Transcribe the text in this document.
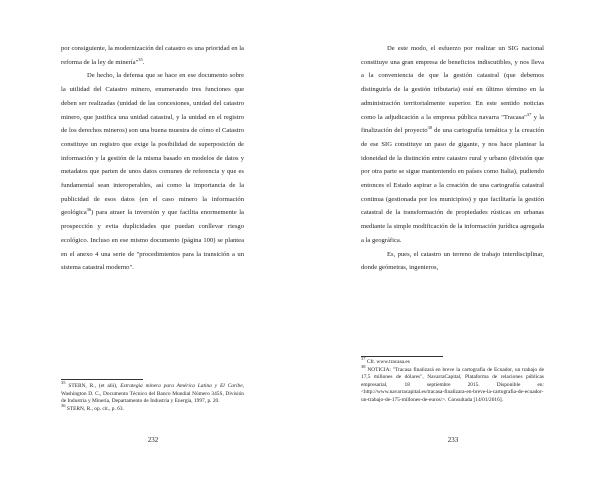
por consiguiente, la modernización del catastro es una prioridad en la reforma de la ley de minería"$^{35}$.

De hecho, la defensa que se hace en ese documento sobre la utilidad del Catastro minero, enumerando tres funciones que deben ser realizadas (unidad de las concesiones, unidad del catastro minero, que justifica una unidad catastral, y la unidad en el registro de los derechos mineros) son una buena muestra de cómo el Catastro constituye un registro que exige la posibilidad de superposición de información y la gestión de la misma basado en modelos de datos y metadatos que parten de unos datos comunes de referencia y que es fundamental sean interoperables, así como la importancia de la publicidad de esos datos (en el caso minero la información geológica$^{36}$) para atraer la inversión y que facilita enormemente la prospección y evita duplicidades que puedan conllevar riesgo ecológico. Incluso en ese mismo documento (página 100) se plantea en el anexo 4 una serie de "procedimientos para la transición a un sistema catastral moderno".

$^{35}$ STERN, R., (et alii), Estrategia minera para América Latina y El Caribe, Washington D. C., Documento Técnico del Banco Mundial Número 345S, División de Industria y Minería, Departamento de Industria y Energía, 1997, p. 20.

$^{36}$ STERN, R., op. cit., p. 63.

232

De este modo, el esfuerzo por realizar un SIG nacional constituye una gran empresa de beneficios indiscutibles, y nos lleva a la conveniencia de que la gestión catastral (que debemos distinguirla de la gestión tributaria) esté en último término en la administración territorialmente superior. En este sentido noticias como la adjudicación a la empresa pública navarra "Tracasa"$^{37}$ y la finalización del proyecto$^{38}$ de una cartografía temática y la creación de ese SIG constituye un paso de gigante, y nos hace plantear la idoneidad de la distinción entre catastro rural y urbano (división que por otra parte se sigue manteniendo en países como Italia), pudiendo entonces el Estado aspirar a la creación de una cartografía catastral continua (gestionada por los municipios) y que facilitaría la gestión catastral de la transformación de propiedades rústicas en urbanas mediante la simple modificación de la información jurídica agregada a la geográfica.

Es, pues, el catastro un terreno de trabajo interdisciplinar, donde geómetras, ingenieros,

$^{37}$ Cfr. www.tracasa.es

$^{38}$ NOTICIA: "Tracasa finalizará en breve la cartografía de Ecuador, un trabajo de 17,5 millones de dólares", NavarraCapital, Plataforma de relaciones públicas empresarial, 18 septiembre 2015. Disponible en: <http://www.navarracapital.es/tracasa-finalizara-en-breve-la-cartografia-de-ecuador-un-trabajo-de-175-millones-de-euros/>. Consultada [14/01/2016].

233
